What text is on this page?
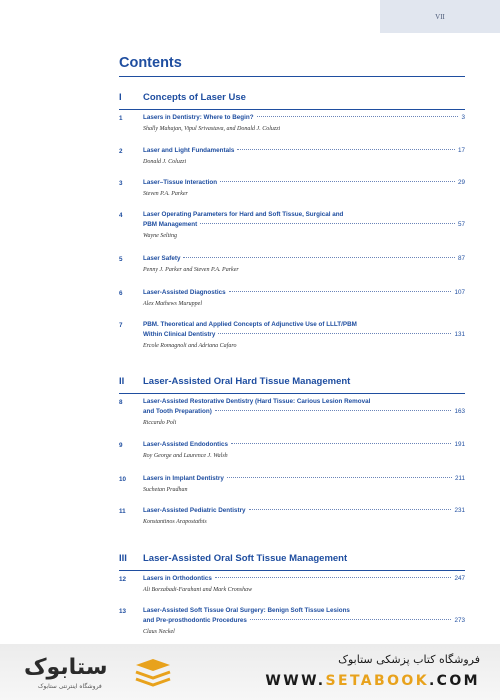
VII
Contents
I Concepts of Laser Use
1	Lasers in Dentistry: Where to Begin?	3
Shally Mahajan, Vipul Srivastava, and Donald J. Coluzzi
2	Laser and Light Fundamentals	17
Donald J. Coluzzi
3	Laser–Tissue Interaction	29
Steven P.A. Parker
4	Laser Operating Parameters for Hard and Soft Tissue, Surgical and
PBM Management	57
Wayne Selting
5	Laser Safety	87
Penny J. Parker and Steven P.A. Parker
6	Laser-Assisted Diagnostics	107
Alex Mathews Muruppel
7	PBM. Theoretical and Applied Concepts of Adjunctive Use of LLLT/PBM
Within Clinical Dentistry	131
Ercole Romagnoli and Adriana Cafaro
II Laser-Assisted Oral Hard Tissue Management
8	Laser-Assisted Restorative Dentistry (Hard Tissue: Carious Lesion Removal
and Tooth Preparation)	163
Riccardo Poli
9	Laser-Assisted Endodontics	191
Roy George and Laurence J. Walsh
10	Lasers in Implant Dentistry	211
Suchetan Pradhan
11	Laser-Assisted Pediatric Dentistry	231
Konstantinos Arapostathis
III Laser-Assisted Oral Soft Tissue Management
12	Lasers in Orthodontics	247
Ali Borzabadi-Farahani and Mark Cronshaw
13	Laser-Assisted Soft Tissue Oral Surgery: Benign Soft Tissue Lesions
and Pre-prosthodontic Procedures	273
Claus Neckel
ستابوک
فروشگاه اینترنتی ستابوک
فروشگاه کتاب پزشکی ستابوک
WWW.SETABOOK.COM
